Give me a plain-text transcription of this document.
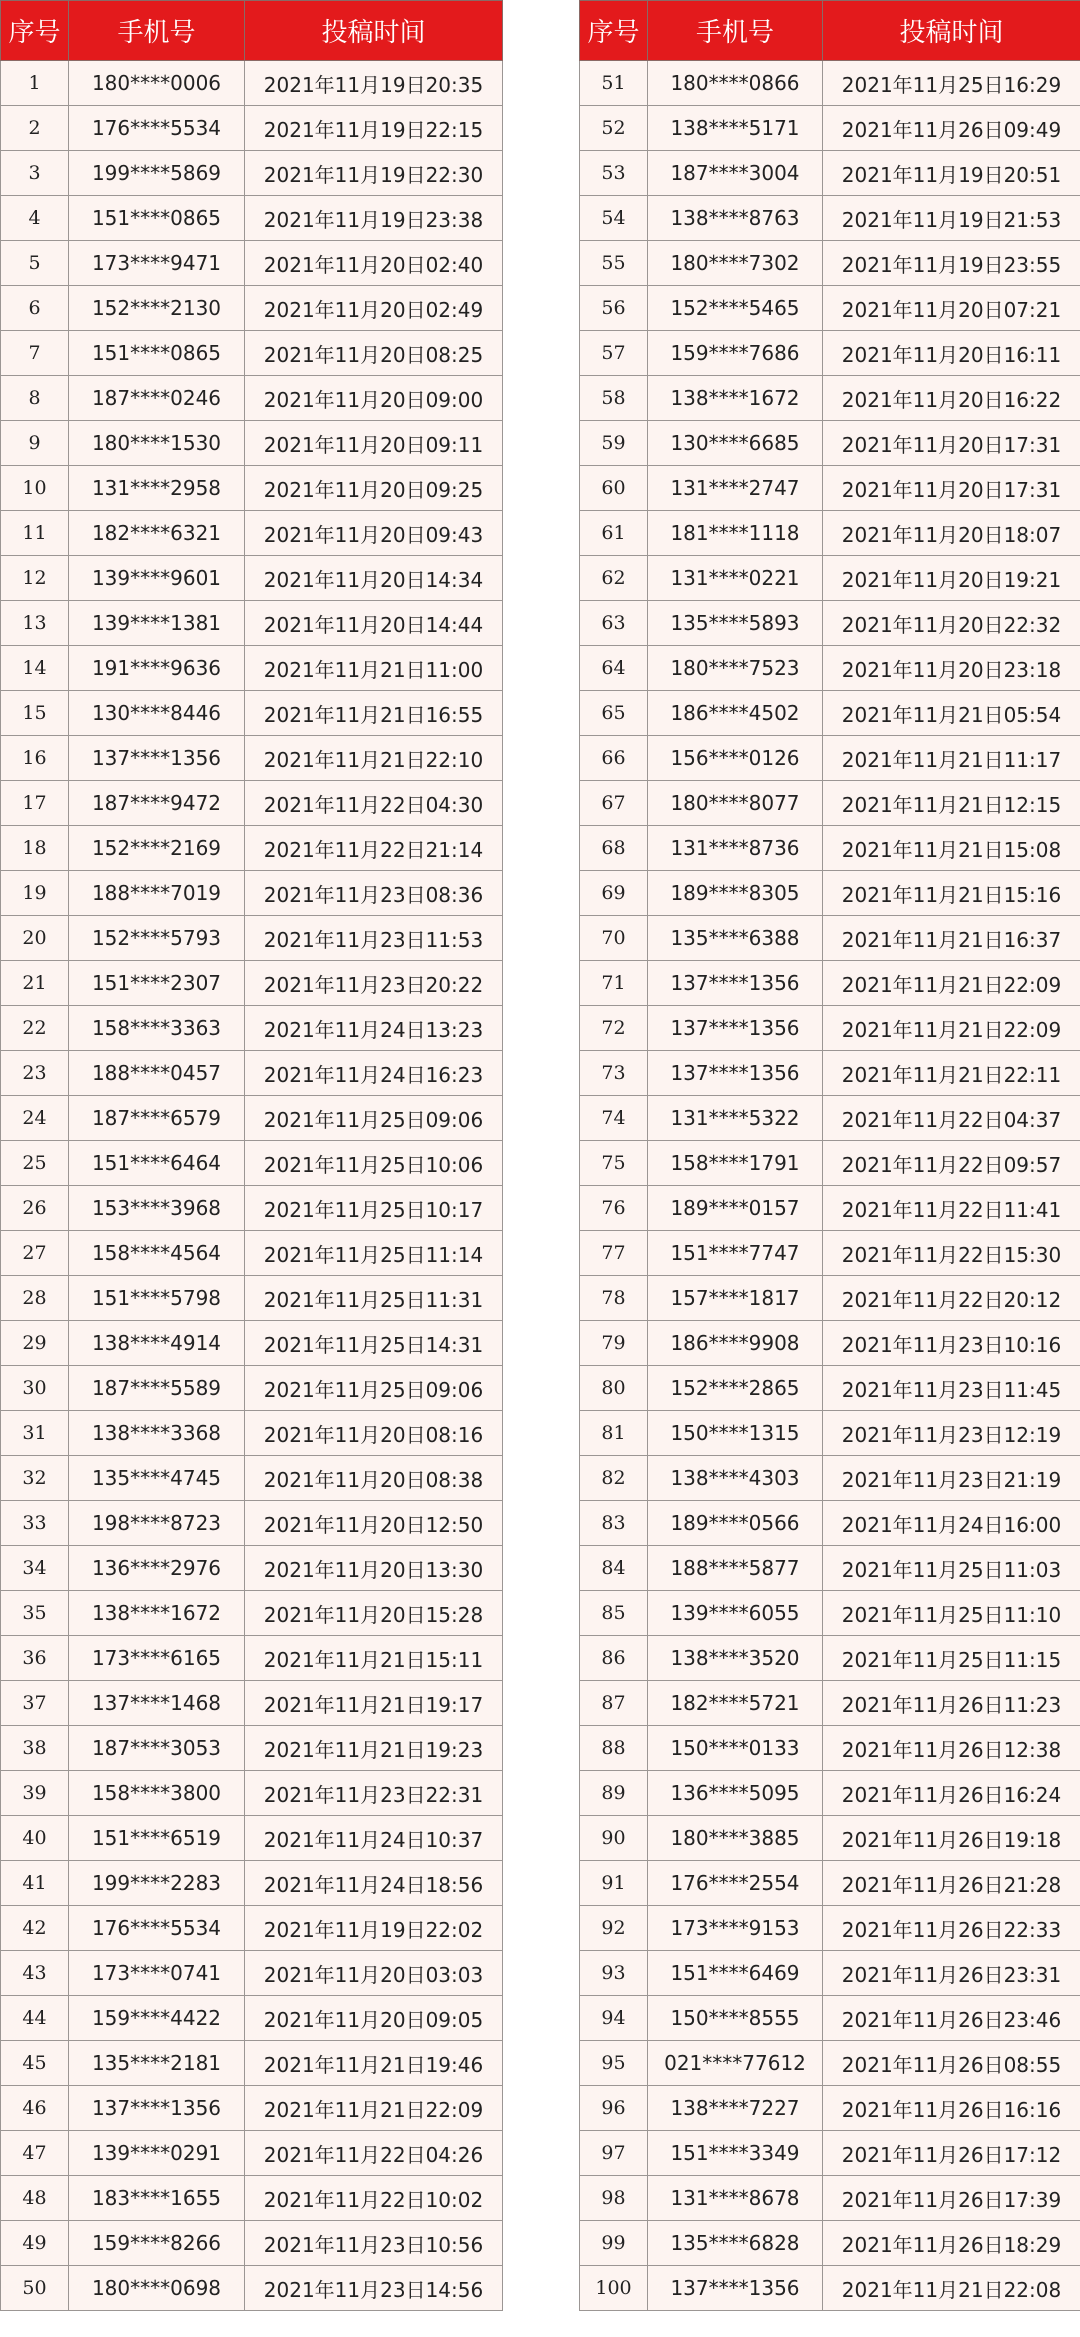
序号	手机号	投稿时间
1	180****0006	2021年11月19日20:35
2	176****5534	2021年11月19日22:15
3	199****5869	2021年11月19日22:30
4	151****0865	2021年11月19日23:38
5	173****9471	2021年11月20日02:40
6	152****2130	2021年11月20日02:49
7	151****0865	2021年11月20日08:25
8	187****0246	2021年11月20日09:00
9	180****1530	2021年11月20日09:11
10	131****2958	2021年11月20日09:25
11	182****6321	2021年11月20日09:43
12	139****9601	2021年11月20日14:34
13	139****1381	2021年11月20日14:44
14	191****9636	2021年11月21日11:00
15	130****8446	2021年11月21日16:55
16	137****1356	2021年11月21日22:10
17	187****9472	2021年11月22日04:30
18	152****2169	2021年11月22日21:14
19	188****7019	2021年11月23日08:36
20	152****5793	2021年11月23日11:53
21	151****2307	2021年11月23日20:22
22	158****3363	2021年11月24日13:23
23	188****0457	2021年11月24日16:23
24	187****6579	2021年11月25日09:06
25	151****6464	2021年11月25日10:06
26	153****3968	2021年11月25日10:17
27	158****4564	2021年11月25日11:14
28	151****5798	2021年11月25日11:31
29	138****4914	2021年11月25日14:31
30	187****5589	2021年11月25日09:06
31	138****3368	2021年11月20日08:16
32	135****4745	2021年11月20日08:38
33	198****8723	2021年11月20日12:50
34	136****2976	2021年11月20日13:30
35	138****1672	2021年11月20日15:28
36	173****6165	2021年11月21日15:11
37	137****1468	2021年11月21日19:17
38	187****3053	2021年11月21日19:23
39	158****3800	2021年11月23日22:31
40	151****6519	2021年11月24日10:37
41	199****2283	2021年11月24日18:56
42	176****5534	2021年11月19日22:02
43	173****0741	2021年11月20日03:03
44	159****4422	2021年11月20日09:05
45	135****2181	2021年11月21日19:46
46	137****1356	2021年11月21日22:09
47	139****0291	2021年11月22日04:26
48	183****1655	2021年11月22日10:02
49	159****8266	2021年11月23日10:56
50	180****0698	2021年11月23日14:56
序号	手机号	投稿时间
51	180****0866	2021年11月25日16:29
52	138****5171	2021年11月26日09:49
53	187****3004	2021年11月19日20:51
54	138****8763	2021年11月19日21:53
55	180****7302	2021年11月19日23:55
56	152****5465	2021年11月20日07:21
57	159****7686	2021年11月20日16:11
58	138****1672	2021年11月20日16:22
59	130****6685	2021年11月20日17:31
60	131****2747	2021年11月20日17:31
61	181****1118	2021年11月20日18:07
62	131****0221	2021年11月20日19:21
63	135****5893	2021年11月20日22:32
64	180****7523	2021年11月20日23:18
65	186****4502	2021年11月21日05:54
66	156****0126	2021年11月21日11:17
67	180****8077	2021年11月21日12:15
68	131****8736	2021年11月21日15:08
69	189****8305	2021年11月21日15:16
70	135****6388	2021年11月21日16:37
71	137****1356	2021年11月21日22:09
72	137****1356	2021年11月21日22:09
73	137****1356	2021年11月21日22:11
74	131****5322	2021年11月22日04:37
75	158****1791	2021年11月22日09:57
76	189****0157	2021年11月22日11:41
77	151****7747	2021年11月22日15:30
78	157****1817	2021年11月22日20:12
79	186****9908	2021年11月23日10:16
80	152****2865	2021年11月23日11:45
81	150****1315	2021年11月23日12:19
82	138****4303	2021年11月23日21:19
83	189****0566	2021年11月24日16:00
84	188****5877	2021年11月25日11:03
85	139****6055	2021年11月25日11:10
86	138****3520	2021年11月25日11:15
87	182****5721	2021年11月26日11:23
88	150****0133	2021年11月26日12:38
89	136****5095	2021年11月26日16:24
90	180****3885	2021年11月26日19:18
91	176****2554	2021年11月26日21:28
92	173****9153	2021年11月26日22:33
93	151****6469	2021年11月26日23:31
94	150****8555	2021年11月26日23:46
95	021****77612	2021年11月26日08:55
96	138****7227	2021年11月26日16:16
97	151****3349	2021年11月26日17:12
98	131****8678	2021年11月26日17:39
99	135****6828	2021年11月26日18:29
100	137****1356	2021年11月21日22:08
